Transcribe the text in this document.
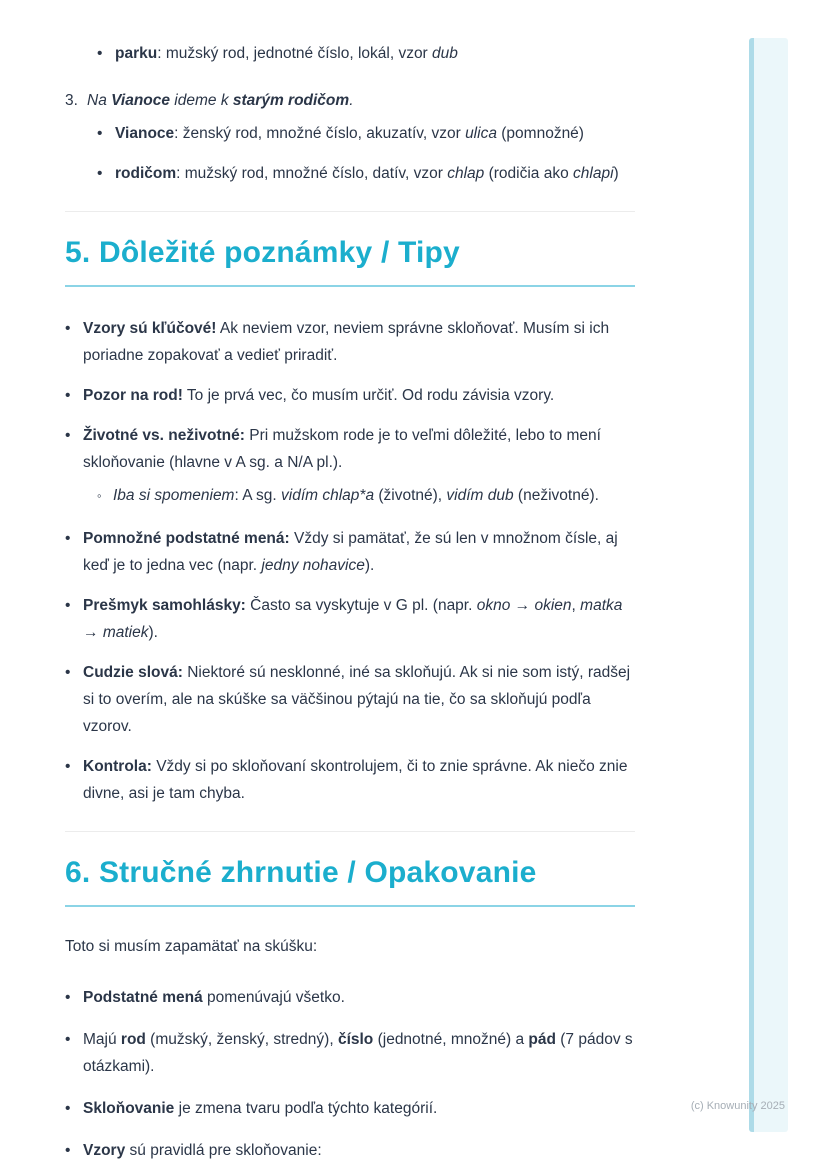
• parku: mužský rod, jednotné číslo, lokál, vzor dub
3. Na Vianoce ideme k starým rodičom.
• Vianoce: ženský rod, množné číslo, akuzatív, vzor ulica (pomnožné)
• rodičom: mužský rod, množné číslo, datív, vzor chlap (rodičia ako chlapi)
5. Dôležité poznámky / Tipy
• Vzory sú kľúčové! Ak neviem vzor, neviem správne skloňovať. Musím si ich poriadne zopakovať a vedieť priradiť.
• Pozor na rod! To je prvá vec, čo musím určiť. Od rodu závisia vzory.
• Životné vs. neživotné: Pri mužskom rode je to veľmi dôležité, lebo to mení skloňovanie (hlavne v A sg. a N/A pl.).
◦ Iba si spomeniem: A sg. vidím chlap*a (životné), vidím dub (neživotné).
• Pomnožné podstatné mená: Vždy si pamätať, že sú len v množnom čísle, aj keď je to jedna vec (napr. jedny nohavice).
• Prešmyk samohlásky: Často sa vyskytuje v G pl. (napr. okno → okien, matka → matiek).
• Cudzie slová: Niektoré sú nesklonné, iné sa skloňujú. Ak si nie som istý, radšej si to overím, ale na skúške sa väčšinou pýtajú na tie, čo sa skloňujú podľa vzorov.
• Kontrola: Vždy si po skloňovaní skontrolujem, či to znie správne. Ak niečo znie divne, asi je tam chyba.
6. Stručné zhrnutie / Opakovanie

Toto si musím zapamätať na skúšku:

• Podstatné mená pomenúvajú všetko.
• Majú rod (mužský, ženský, stredný), číslo (jednotné, množné) a pád (7 pádov s otázkami).
• Skloňovanie je zmena tvaru podľa týchto kategórií.
• Vzory sú pravidlá pre skloňovanie:
(c) Knowunity 2025
